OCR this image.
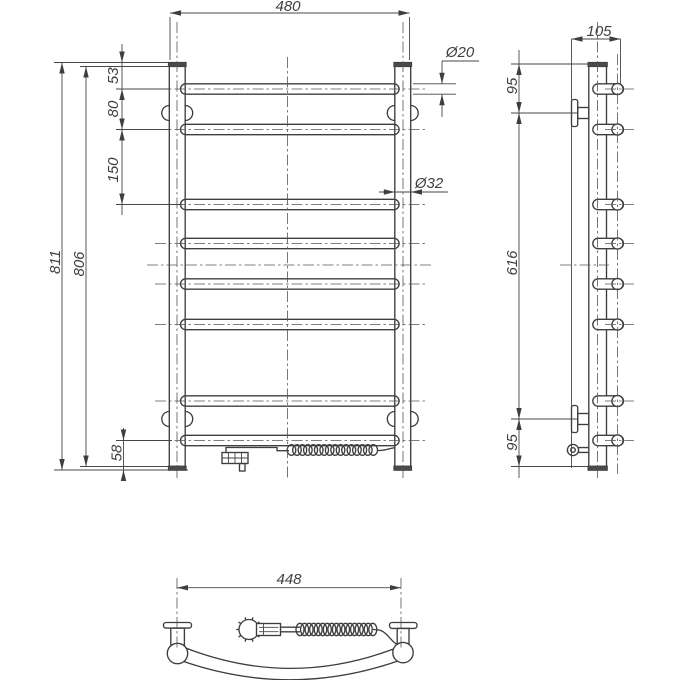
480
Ø20
Ø32
53
80
150
811 806
58
105
95
616
95
448
